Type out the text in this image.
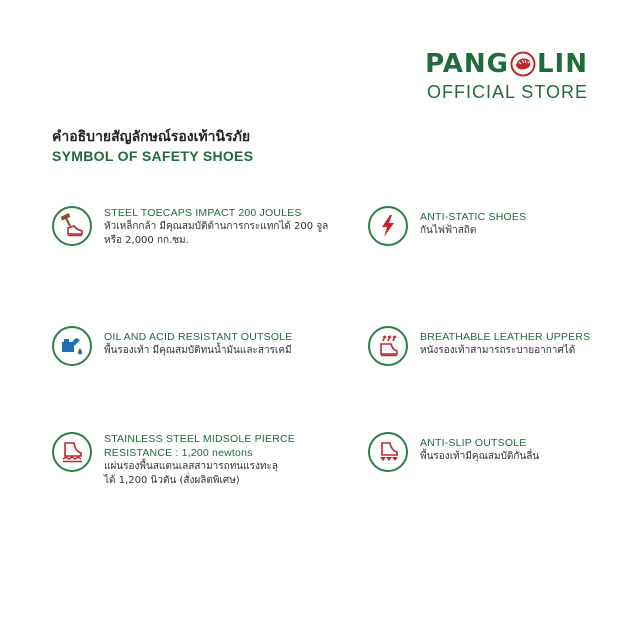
PANG LIN
OFFICIAL STORE
คำอธิบายสัญลักษณ์รองเท้านิรภัย
SYMBOL OF SAFETY SHOES
STEEL TOECAPS IMPACT 200 JOULES
หัวเหล็กกล้า มีคุณสมบัติต้านการกระแทกได้ 200 จูล
หรือ 2,000 กก.ซม.
ANTI-STATIC SHOES
กันไฟฟ้าสถิต
OIL AND ACID RESISTANT OUTSOLE
พื้นรองเท้า มีคุณสมบัติทนน้ำมันและสารเคมี
BREATHABLE LEATHER UPPERS
หนังรองเท้าสามารถระบายอากาศได้
STAINLESS STEEL MIDSOLE PIERCE
RESISTANCE : 1,200 newtons
แผ่นรองพื้นสแตนเลสสามารถทนแรงทะลุ
ได้ 1,200 นิวตัน (สั่งผลิตพิเศษ)
ANTI-SLIP OUTSOLE
พื้นรองเท้ามีคุณสมบัติกันลื่น
